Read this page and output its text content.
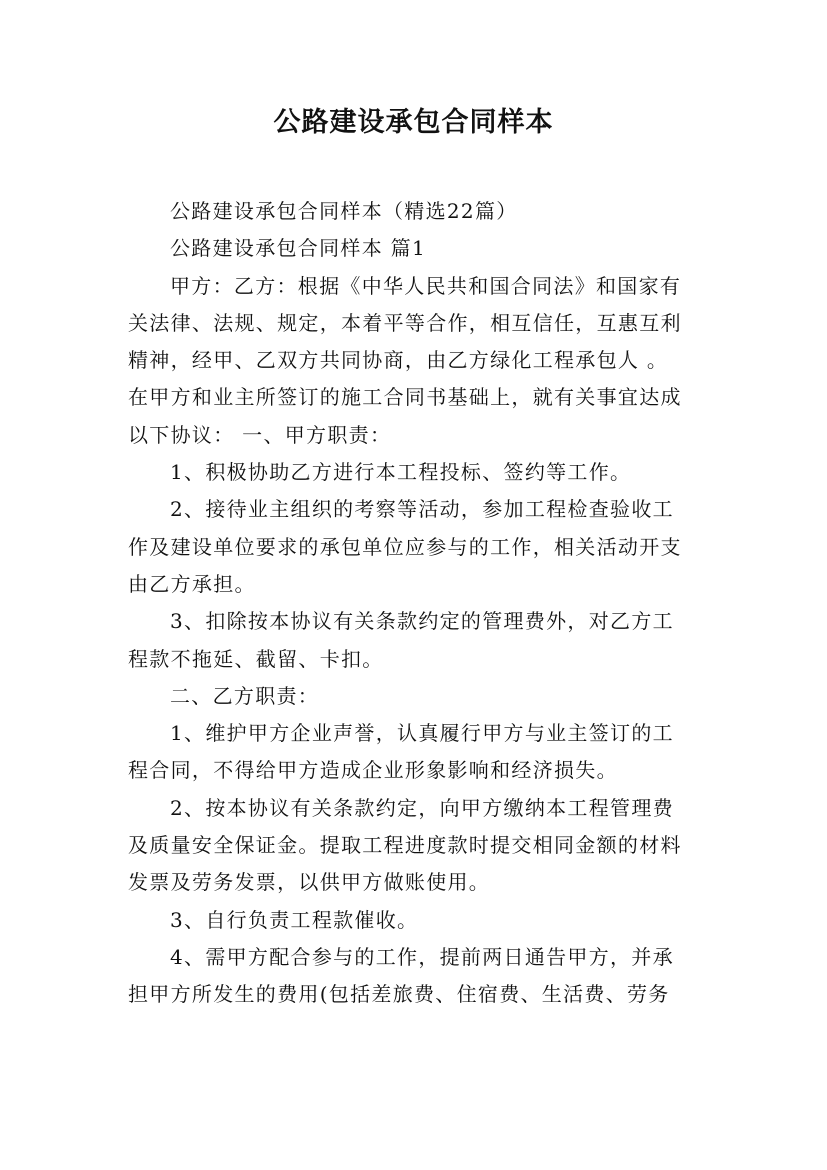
公路建设承包合同样本

公路建设承包合同样本（精选22篇）

公路建设承包合同样本 篇1

甲方：乙方：根据《中华人民共和国合同法》和国家有
关法律、法规、规定，本着平等合作，相互信任，互惠互利
精神，经甲、乙双方共同协商，由乙方绿化工程承包人 。
在甲方和业主所签订的施工合同书基础上，就有关事宜达成
以下协议： 一、甲方职责：

1、积极协助乙方进行本工程投标、签约等工作。

2、接待业主组织的考察等活动，参加工程检查验收工
作及建设单位要求的承包单位应参与的工作，相关活动开支
由乙方承担。

3、扣除按本协议有关条款约定的管理费外，对乙方工
程款不拖延、截留、卡扣。

二、乙方职责：

1、维护甲方企业声誉，认真履行甲方与业主签订的工
程合同，不得给甲方造成企业形象影响和经济损失。

2、按本协议有关条款约定，向甲方缴纳本工程管理费
及质量安全保证金。提取工程进度款时提交相同金额的材料
发票及劳务发票，以供甲方做账使用。

3、自行负责工程款催收。

4、需甲方配合参与的工作，提前两日通告甲方，并承
担甲方所发生的费用(包括差旅费、住宿费、生活费、劳务
